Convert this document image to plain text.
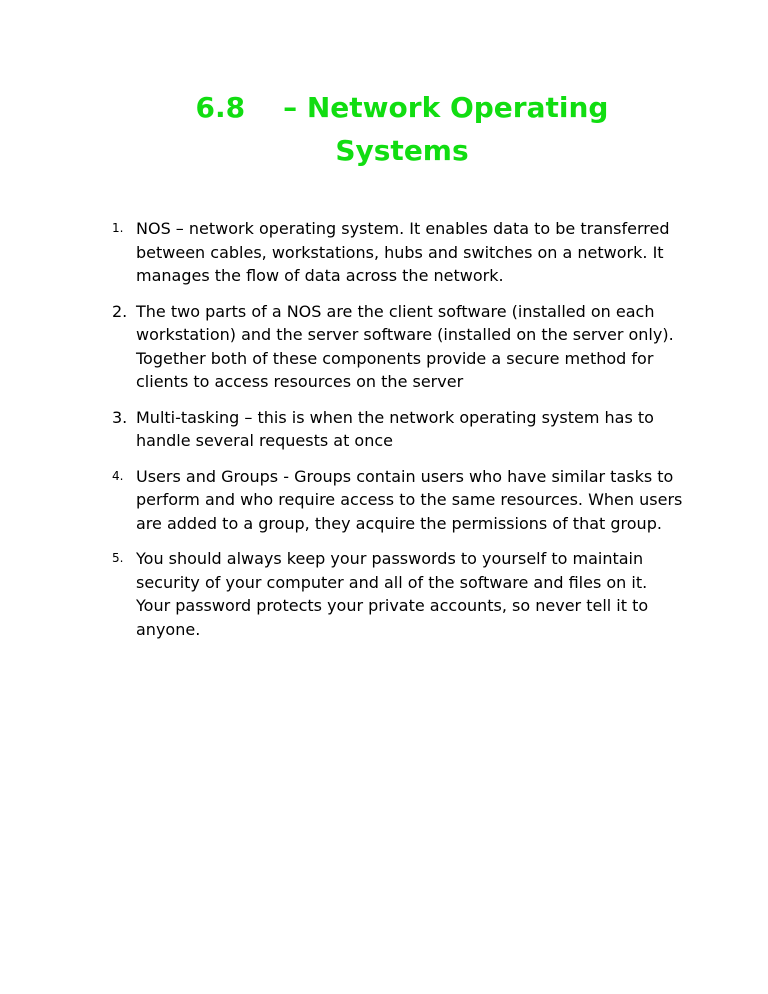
6.8 – Network Operating
Systems
1. NOS – network operating system. It enables data to be transferred between cables, workstations, hubs and switches on a network. It manages the flow of data across the network.
2. The two parts of a NOS are the client software (installed on each workstation) and the server software (installed on the server only). Together both of these components provide a secure method for clients to access resources on the server
3. Multi-tasking – this is when the network operating system has to handle several requests at once
4. Users and Groups - Groups contain users who have similar tasks to perform and who require access to the same resources. When users are added to a group, they acquire the permissions of that group.
5. You should always keep your passwords to yourself to maintain security of your computer and all of the software and files on it. Your password protects your private accounts, so never tell it to anyone.
